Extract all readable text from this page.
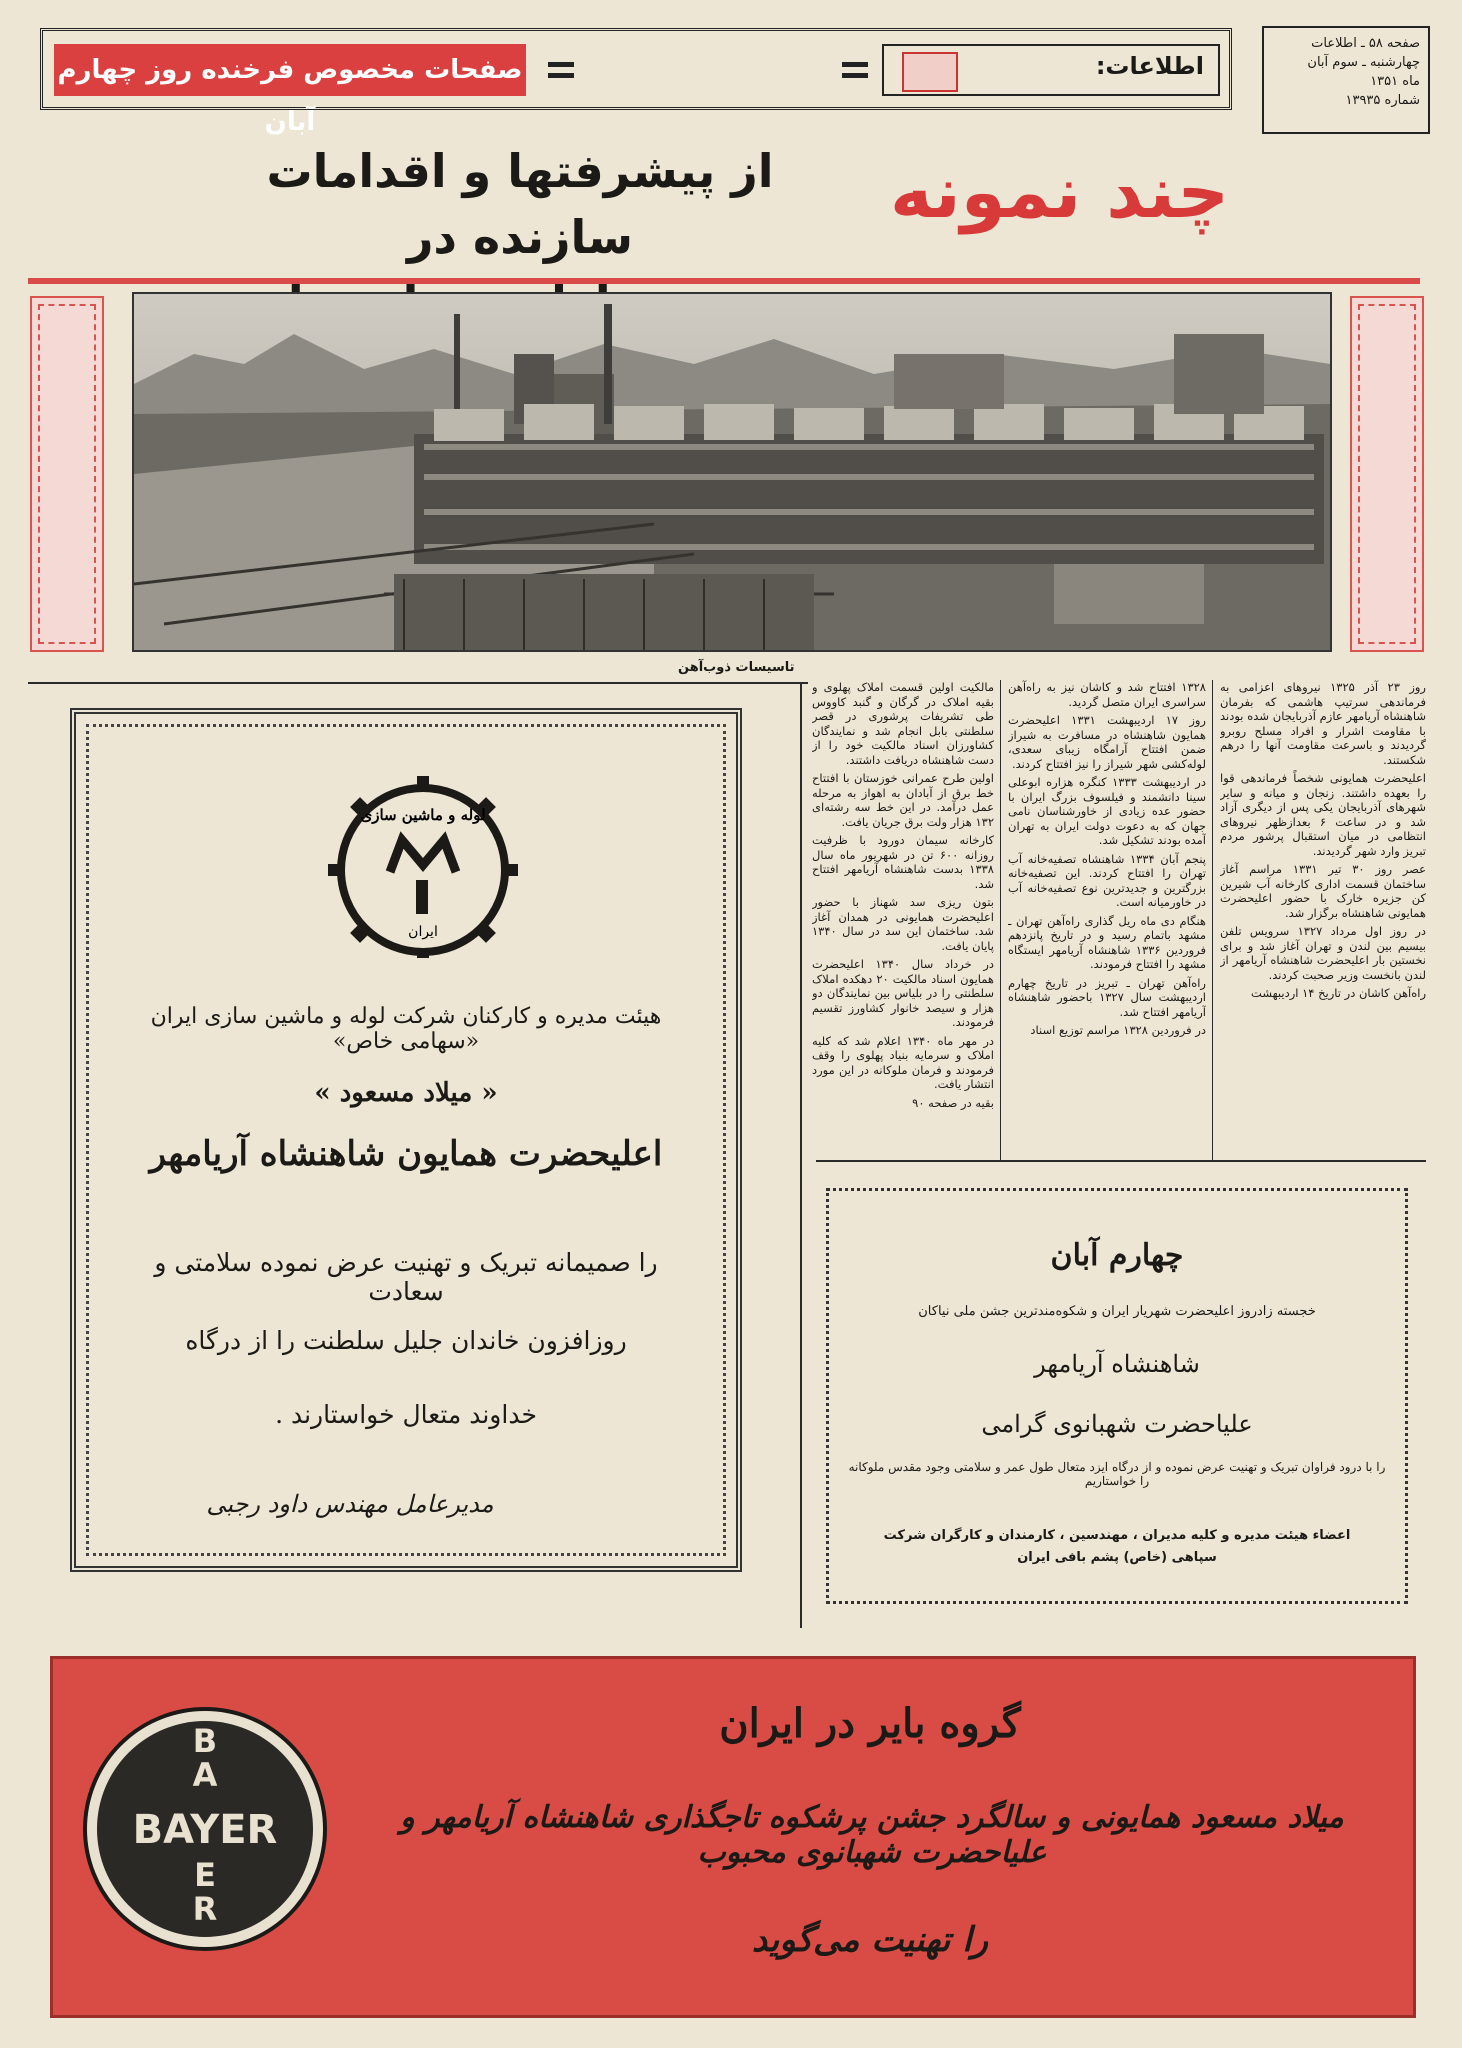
صفحات مخصوص فرخنده روز چهارم آبان
اطلاعات:
صفحه ۵۸ ـ اطلاعات
چهارشنبه ـ سوم آبان
ماه ۱۳۵۱
شماره ۱۳۹۳۵
چند نمونه
از پیشرفتها و اقدامات سازنده در
تاسیسات ذوب‌آهن

روز ۲۳ آذر ۱۳۲۵ نیروهای اعزامی به فرماندهی سرتیپ هاشمی که بفرمان شاهنشاه آریامهر عازم آذربایجان شده بودند با مقاومت اشرار و افراد مسلح روبرو گردیدند و باسرعت مقاومت آنها را درهم شکستند.

اعلیحضرت همایونی شخصاً فرماندهی قوا را بعهده داشتند. زنجان و میانه و سایر شهرهای آذربایجان یکی پس از دیگری آزاد شد و در ساعت ۶ بعدازظهر نیروهای انتظامی در میان استقبال پرشور مردم تبریز وارد شهر گردیدند.

عصر روز ۳۰ تیر ۱۳۳۱ مراسم آغاز ساختمان قسمت اداری کارخانه آب شیرین کن جزیره خارک با حضور اعلیحضرت همایونی شاهنشاه برگزار شد.

در روز اول مرداد ۱۳۲۷ سرویس تلفن بیسیم بین لندن و تهران آغاز شد و برای نخستین بار اعلیحضرت شاهنشاه آریامهر از لندن بانخست وزیر صحبت کردند.

راه‌آهن کاشان در تاریخ ۱۴ اردیبهشت

۱۳۲۸ افتتاح شد و کاشان نیز به راه‌آهن سراسری ایران متصل گردید.

روز ۱۷ اردیبهشت ۱۳۳۱ اعلیحضرت همایون شاهنشاه در مسافرت به شیراز ضمن افتتاح آرامگاه زیبای سعدی، لوله‌کشی شهر شیراز را نیز افتتاح کردند.

در اردیبهشت ۱۳۳۳ کنگره هزاره ابوعلی سینا دانشمند و فیلسوف بزرگ ایران با حضور عده زیادی از خاورشناسان نامی جهان که به دعوت دولت ایران به تهران آمده بودند تشکیل شد.

پنجم آبان ۱۳۳۴ شاهنشاه تصفیه‌خانه آب تهران را افتتاح کردند. این تصفیه‌خانه بزرگترین و جدیدترین نوع تصفیه‌خانه آب در خاورمیانه است.

هنگام دی ماه ریل گذاری راه‌آهن تهران ـ مشهد باتمام رسید و در تاریخ پانزدهم فروردین ۱۳۳۶ شاهنشاه آریامهر ایستگاه مشهد را افتتاح فرمودند.

راه‌آهن تهران ـ تبریز در تاریخ چهارم اردیبهشت سال ۱۳۲۷ باحضور شاهنشاه آریامهر افتتاح شد.

در فروردین ۱۳۲۸ مراسم توزیع اسناد

مالکیت اولین قسمت املاک پهلوی و بقیه املاک در گرگان و گنبد کاووس طی تشریفات پرشوری در قصر سلطنتی بابل انجام شد و نمایندگان کشاورزان اسناد مالکیت خود را از دست شاهنشاه دریافت داشتند.

اولین طرح عمرانی خوزستان با افتتاح خط برق از آبادان به اهواز به مرحله عمل درآمد. در این خط سه رشته‌ای ۱۳۲ هزار ولت برق جریان یافت.

کارخانه سیمان دورود با ظرفیت روزانه ۶۰۰ تن در شهریور ماه سال ۱۳۳۸ بدست شاهنشاه آریامهر افتتاح شد.

بتون ریزی سد شهناز با حضور اعلیحضرت همایونی در همدان آغاز شد. ساختمان این سد در سال ۱۳۴۰ پایان یافت.

در خرداد سال ۱۳۴۰ اعلیحضرت همایون اسناد مالکیت ۲۰ دهکده املاک سلطنتی را در بلیاس بین نمایندگان دو هزار و سیصد خانوار کشاورز تقسیم فرمودند.

در مهر ماه ۱۳۴۰ اعلام شد که کلیه املاک و سرمایه بنیاد پهلوی را وقف فرمودند و فرمان ملوکانه در این مورد انتشار یافت.

بقیه در صفحه ۹۰

لوله و ماشین سازی
ایران
هیئت مدیره و کارکنان شرکت لوله و ماشین سازی ایران «سهامی خاص»
« میلاد مسعود »
اعلیحضرت همایون شاهنشاه آریامهر
را صمیمانه تبریک و تهنیت عرض نموده سلامتی و سعادت
روزافزون خاندان جلیل سلطنت را از درگاه
خداوند متعال خواستارند .
مدیرعامل مهندس داود رجبی
چهارم آبان
خجسته زادروز اعلیحضرت شهریار ایران و شکوه‌مندترین جشن ملی نیاکان
شاهنشاه آریامهر
علیاحضرت شهبانوی گرامی
را با درود فراوان تبریک و تهنیت عرض نموده و از درگاه ایزد متعال طول عمر و سلامتی وجود مقدس ملوکانه را خواستاریم
اعضاء هیئت مدیره و کلیه مدیران ، مهندسین ، کارمندان و کارگران شرکت
سپاهی (خاص) پشم بافی ایران
B
A
BAYER
E
R
گروه بایر در ایران
میلاد مسعود همایونی و سالگرد جشن پرشکوه تاجگذاری شاهنشاه آریامهر و علیاحضرت شهبانوی محبوب
را تهنیت می‌گوید
